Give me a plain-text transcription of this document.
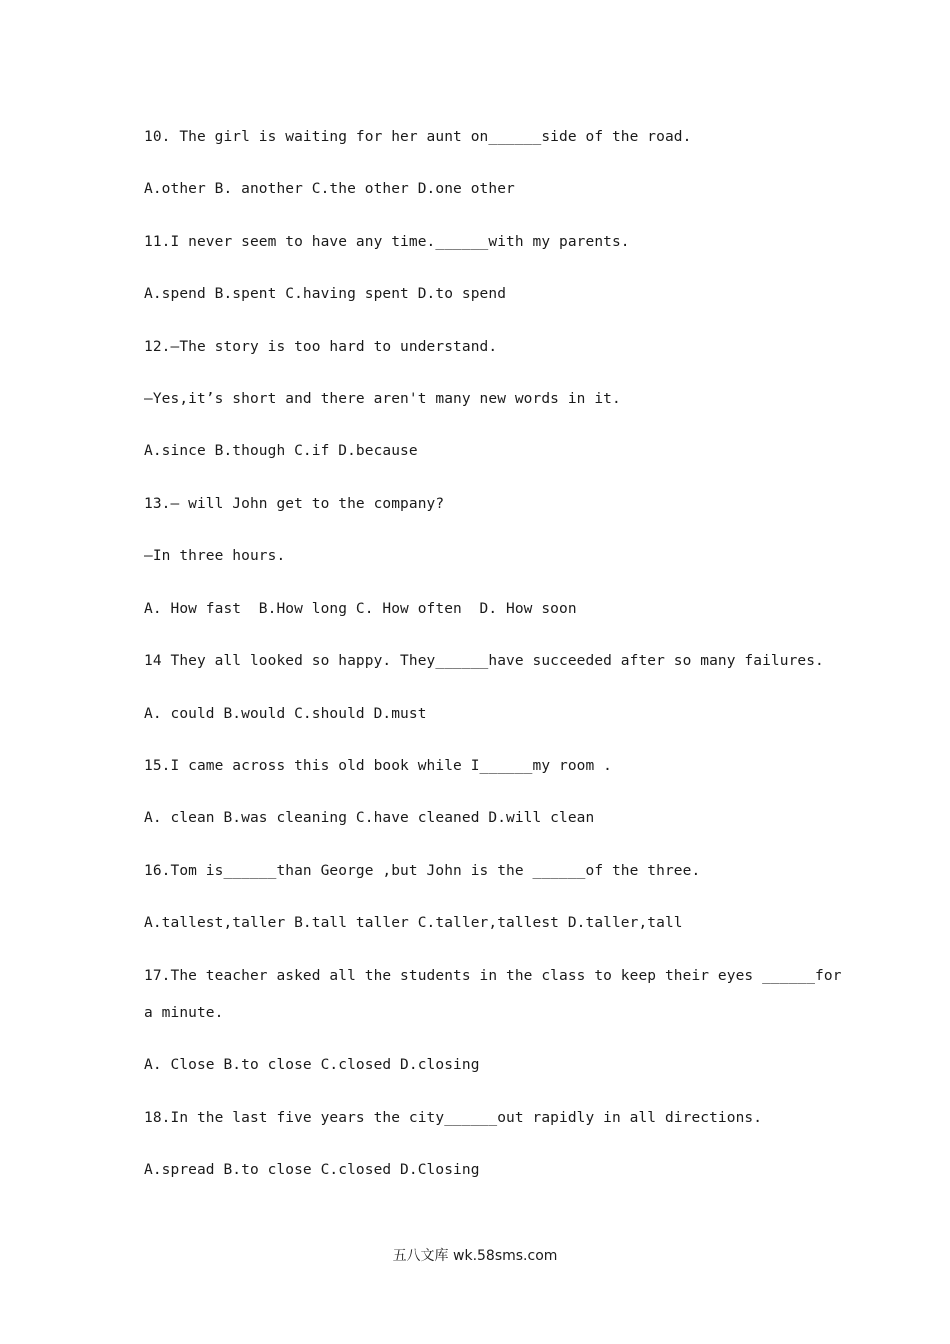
10. The girl is waiting for her aunt on______side of the road.
A.other B. another C.the other D.one other
11.I never seem to have any time.______with my parents.
A.spend B.spent C.having spent D.to spend
12.—The story is too hard to understand.
—Yes,it’s short and there aren't many new words in it.
A.since B.though C.if D.because
13.— will John get to the company?
—In three hours.
A. How fast  B.How long C. How often  D. How soon
14 They all looked so happy. They______have succeeded after so many failures.
A. could B.would C.should D.must
15.I came across this old book while I______my room .
A. clean B.was cleaning C.have cleaned D.will clean
16.Tom is______than George ,but John is the ______of the three.
A.tallest,taller B.tall taller C.taller,tallest D.taller,tall
17.The teacher asked all the students in the class to keep their eyes ______for
a minute.
A. Close B.to close C.closed D.closing
18.In the last five years the city______out rapidly in all directions.
A.spread B.to close C.closed D.Closing
五八文库 wk.58sms.com
